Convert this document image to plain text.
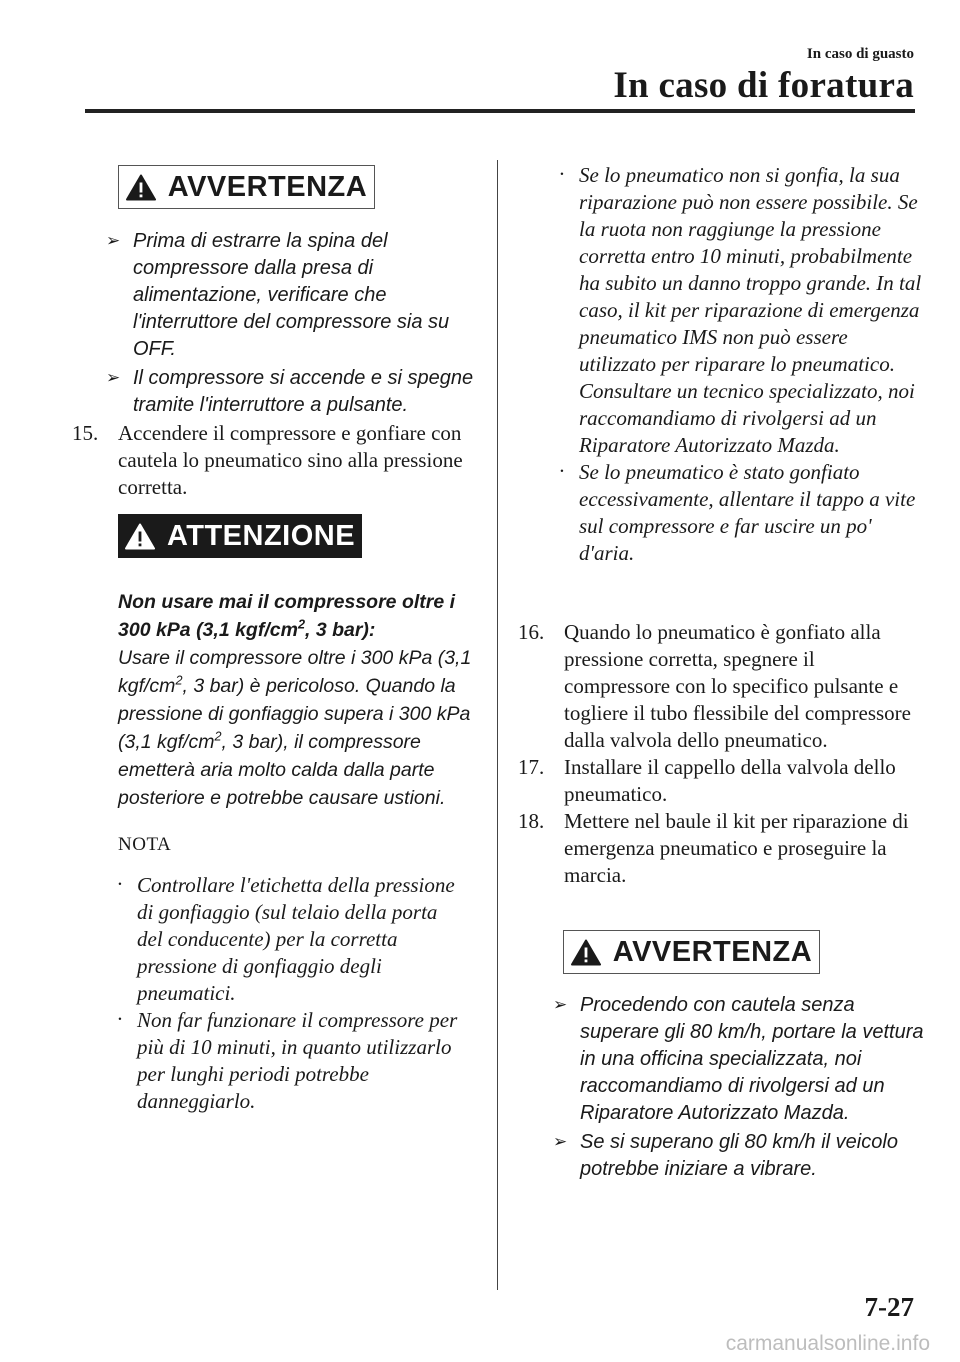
In caso di guasto
In caso di foratura
AVVERTENZA
➢ Prima di estrarre la spina del compressore dalla presa di alimentazione, verificare che l'interruttore del compressore sia su OFF.
➢ Il compressore si accende e si spegne tramite l'interruttore a pulsante.
15. Accendere il compressore e gonfiare con cautela lo pneumatico sino alla pressione corretta.
ATTENZIONE
Non usare mai il compressore oltre i 300 kPa (3,1 kgf/$cm^2$, 3 bar):
Usare il compressore oltre i 300 kPa (3,1 kgf/$cm^2$, 3 bar) è pericoloso. Quando la pressione di gonfiaggio supera i 300 kPa (3,1 kgf/$cm^2$, 3 bar), il compressore emetterà aria molto calda dalla parte posteriore e potrebbe causare ustioni.
NOTA
· Controllare l'etichetta della pressione di gonfiaggio (sul telaio della porta del conducente) per la corretta pressione di gonfiaggio degli pneumatici.
· Non far funzionare il compressore per più di 10 minuti, in quanto utilizzarlo per lunghi periodi potrebbe danneggiarlo.
· Se lo pneumatico non si gonfia, la sua riparazione può non essere possibile. Se la ruota non raggiunge la pressione corretta entro 10 minuti, probabilmente ha subito un danno troppo grande. In tal caso, il kit per riparazione di emergenza pneumatico IMS non può essere utilizzato per riparare lo pneumatico. Consultare un tecnico specializzato, noi raccomandiamo di rivolgersi ad un Riparatore Autorizzato Mazda.
· Se lo pneumatico è stato gonfiato eccessivamente, allentare il tappo a vite sul compressore e far uscire un po' d'aria.
16. Quando lo pneumatico è gonfiato alla pressione corretta, spegnere il compressore con lo specifico pulsante e togliere il tubo flessibile del compressore dalla valvola dello pneumatico.
17. Installare il cappello della valvola dello pneumatico.
18. Mettere nel baule il kit per riparazione di emergenza pneumatico e proseguire la marcia.
AVVERTENZA
➢ Procedendo con cautela senza superare gli 80 km/h, portare la vettura in una officina specializzata, noi raccomandiamo di rivolgersi ad un Riparatore Autorizzato Mazda.
➢ Se si superano gli 80 km/h il veicolo potrebbe iniziare a vibrare.
7-27
carmanualsonline.info
